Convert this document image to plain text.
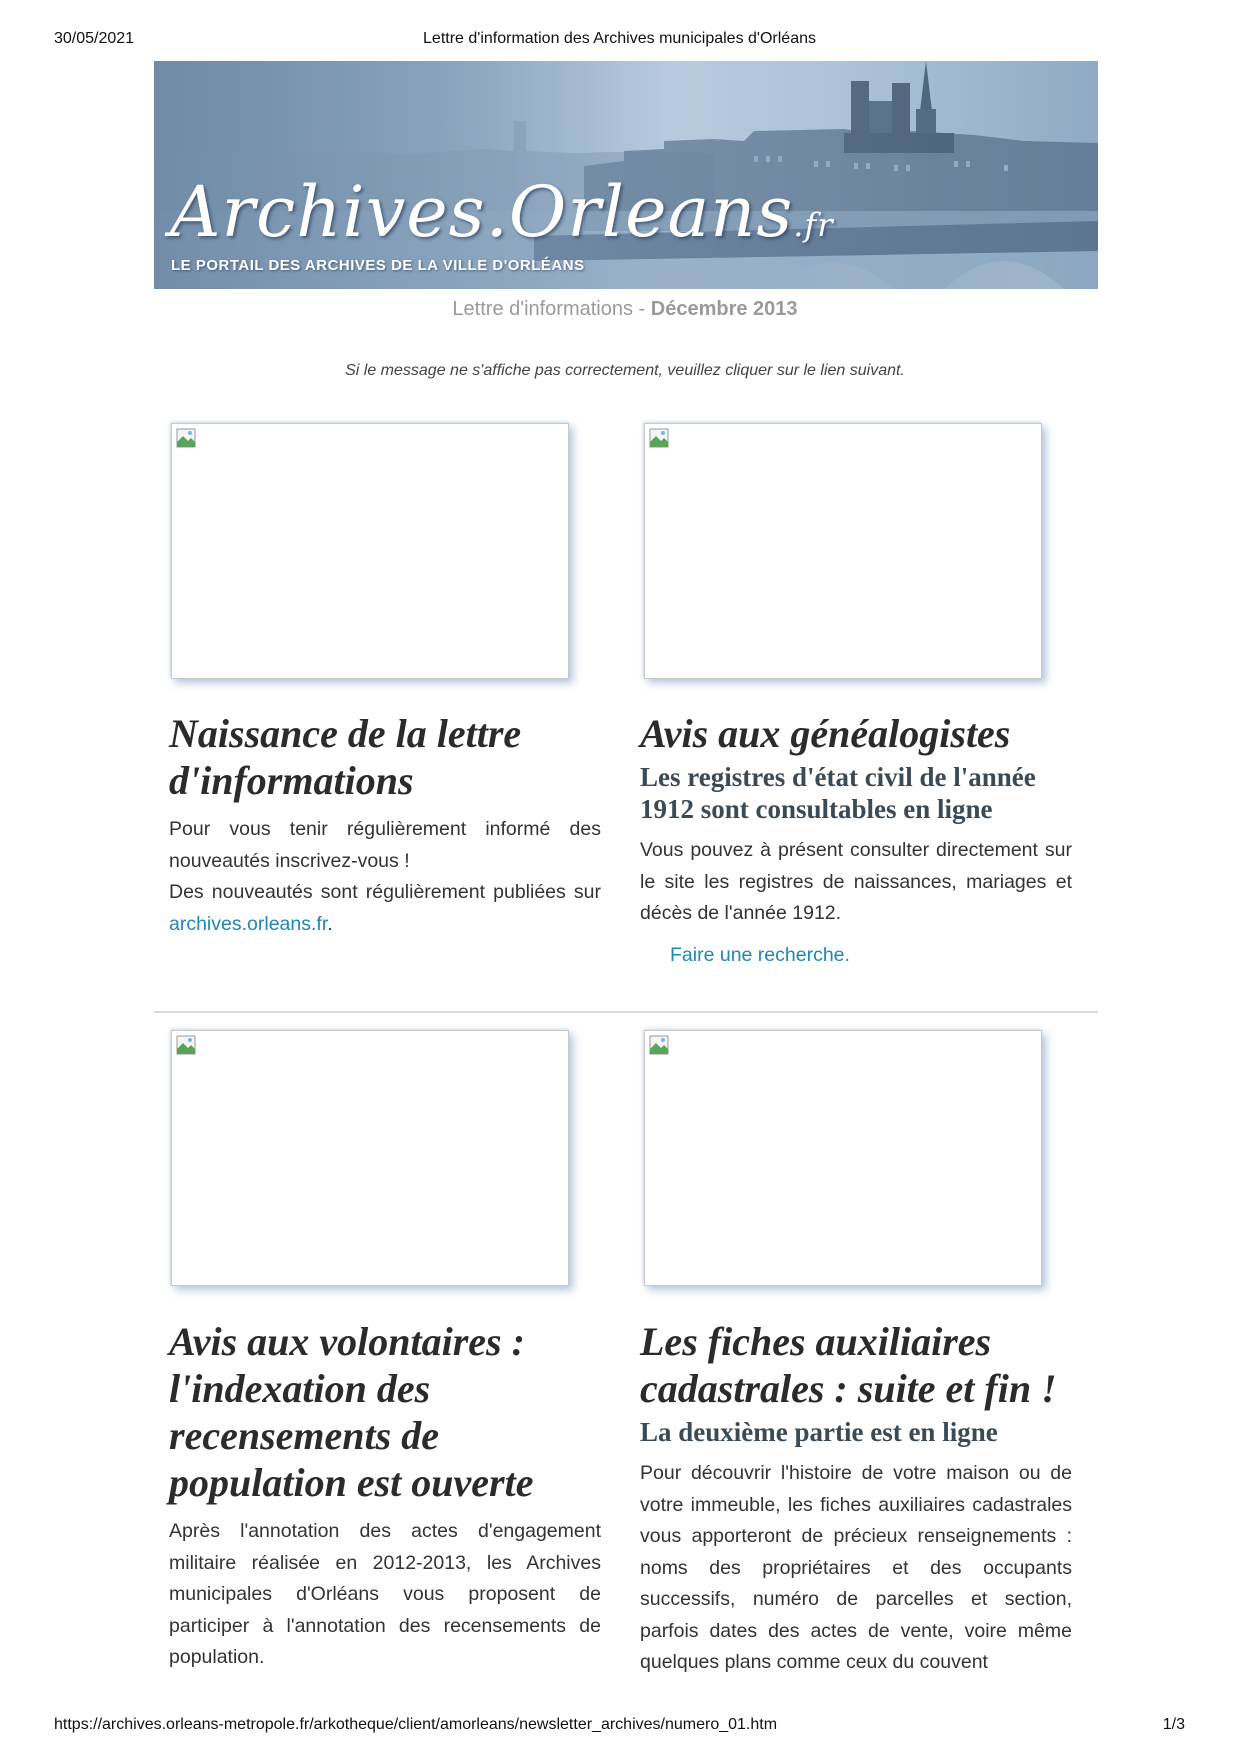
30/05/2021	Lettre d'information des Archives municipales d'Orléans
Archives.Orleans.fr
LE PORTAIL DES ARCHIVES DE LA VILLE D'ORLÉANS
Lettre d'informations - Décembre 2013
Si le message ne s'affiche pas correctement, veuillez cliquer sur le lien suivant.
Naissance de la lettre d'informations

Pour vous tenir régulièrement informé des nouveautés inscrivez-vous !
Des nouveautés sont régulièrement publiées sur archives.orleans.fr.

Avis aux généalogistes
Les registres d'état civil de l'année 1912 sont consultables en ligne

Vous pouvez à présent consulter directement sur le site les registres de naissances, mariages et décès de l'année 1912.

Faire une recherche.
Avis aux volontaires : l'indexation des recensements de population est ouverte

Après l'annotation des actes d'engagement militaire réalisée en 2012-2013, les Archives municipales d'Orléans vous proposent de participer à l'annotation des recensements de population.

Les fiches auxiliaires cadastrales : suite et fin !
La deuxième partie est en ligne

Pour découvrir l'histoire de votre maison ou de votre immeuble, les fiches auxiliaires cadastrales vous apporteront de précieux renseignements : noms des propriétaires et des occupants successifs, numéro de parcelles et section, parfois dates des actes de vente, voire même quelques plans comme ceux du couvent

https://archives.orleans-metropole.fr/arkotheque/client/amorleans/newsletter_archives/numero_01.htm	1/3
